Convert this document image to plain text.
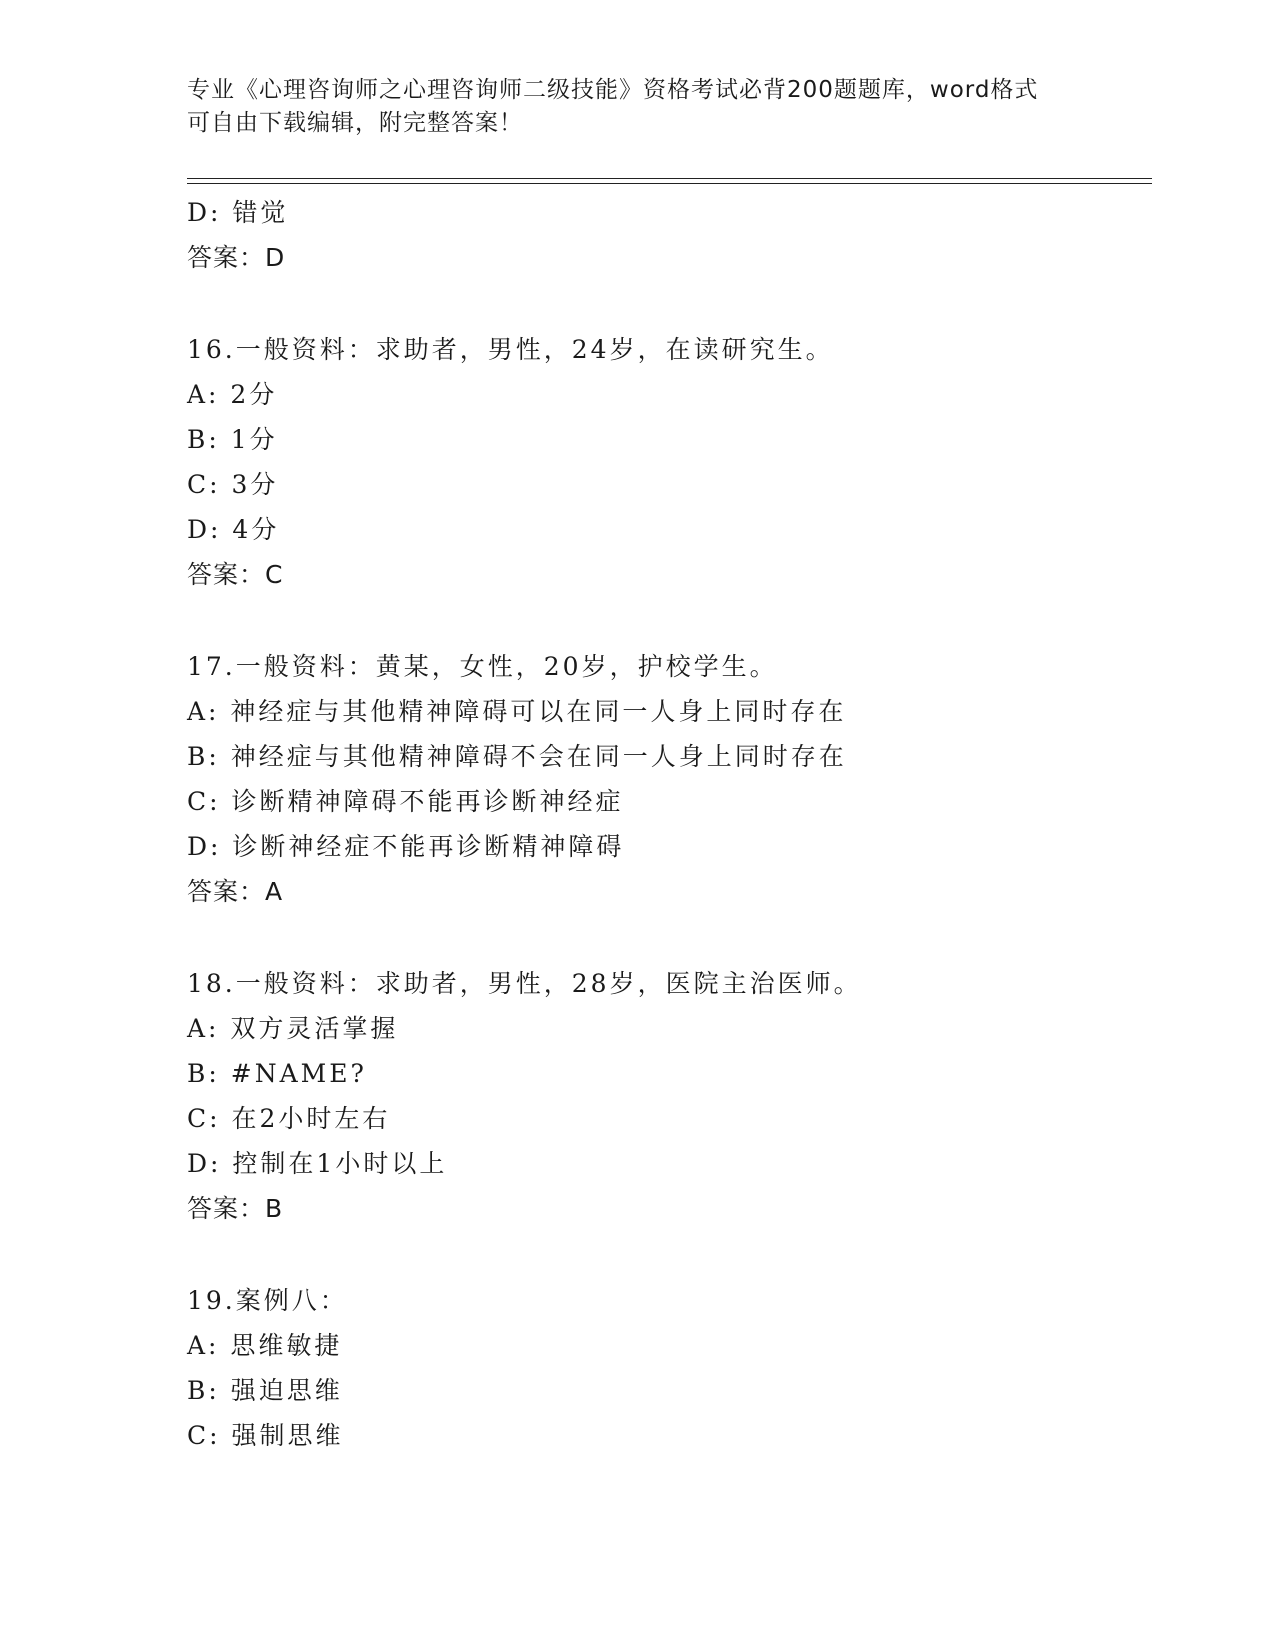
专业《心理咨询师之心理咨询师二级技能》资格考试必背200题题库，word格式
可自由下载编辑，附完整答案！
D: 错觉
答案：D
16.一般资料：求助者，男性，24岁，在读研究生。
A: 2分
B: 1分
C: 3分
D: 4分
答案：C
17.一般资料：黄某，女性，20岁，护校学生。
A: 神经症与其他精神障碍可以在同一人身上同时存在
B: 神经症与其他精神障碍不会在同一人身上同时存在
C: 诊断精神障碍不能再诊断神经症
D: 诊断神经症不能再诊断精神障碍
答案：A
18.一般资料：求助者，男性，28岁，医院主治医师。
A: 双方灵活掌握
B: #NAME?
C: 在2小时左右
D: 控制在1小时以上
答案：B
19.案例八：
A: 思维敏捷
B: 强迫思维
C: 强制思维
